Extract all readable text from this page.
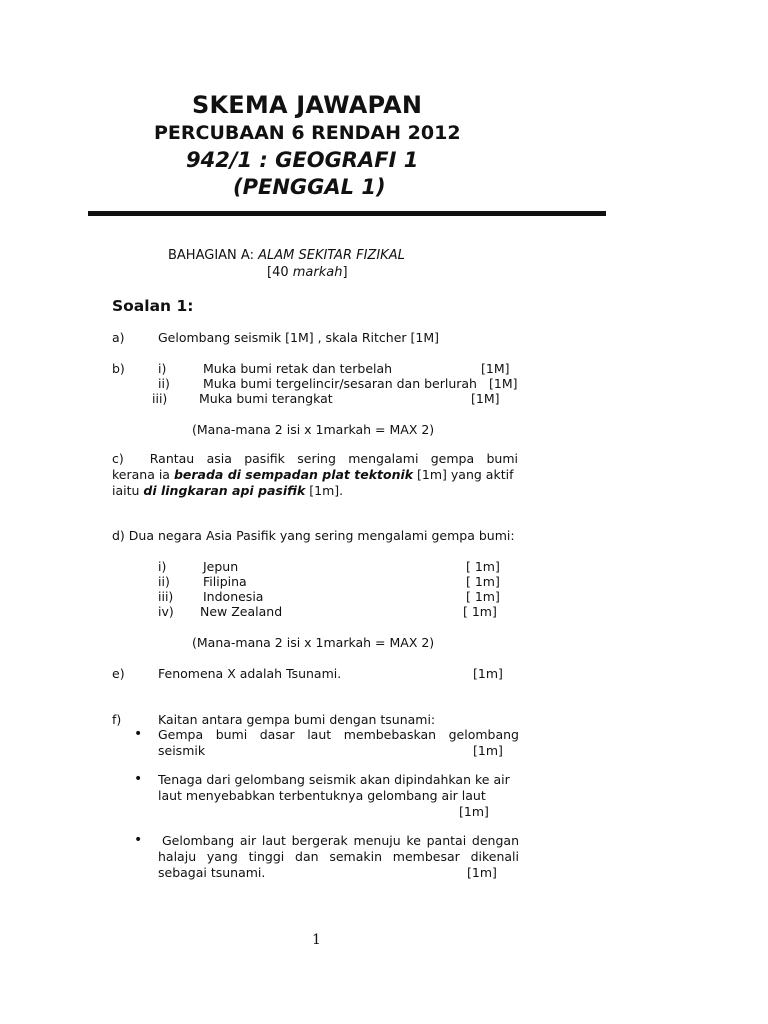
SKEMA JAWAPAN
PERCUBAAN 6 RENDAH 2012
942/1 : GEOGRAFI 1
(PENGGAL 1)
BAHAGIAN A: ALAM SEKITAR FIZIKAL
[40 markah]
Soalan 1:
a)	Gelombang seismik [1M] , skala Ritcher [1M]
b)	i)	Muka bumi retak dan terbelah	[1M]
ii)	Muka bumi tergelincir/sesaran dan berlurah [1M]
iii)	Muka bumi terangkat	[1M]
(Mana-mana 2 isi x 1markah = MAX 2)
c) Rantau asia pasifik sering mengalami gempa bumi
kerana ia berada di sempadan plat tektonik [1m] yang aktif
iaitu di lingkaran api pasifik [1m].
d) Dua negara Asia Pasifik yang sering mengalami gempa bumi:
i)	Jepun	[ 1m]
ii)	Filipina	[ 1m]
iii) Indonesia	[ 1m]
iv) New Zealand	[ 1m]
(Mana-mana 2 isi x 1markah = MAX 2)
e)	Fenomena X adalah Tsunami.	[1m]
f)	Kaitan antara gempa bumi dengan tsunami:
• Gempa bumi dasar laut membebaskan gelombang
seismik	[1m]
• Tenaga dari gelombang seismik akan dipindahkan ke air
laut menyebabkan terbentuknya gelombang air laut
[1m]
• Gelombang air laut bergerak menuju ke pantai dengan
halaju yang tinggi dan semakin membesar dikenali
sebagai tsunami.	[1m]
1
